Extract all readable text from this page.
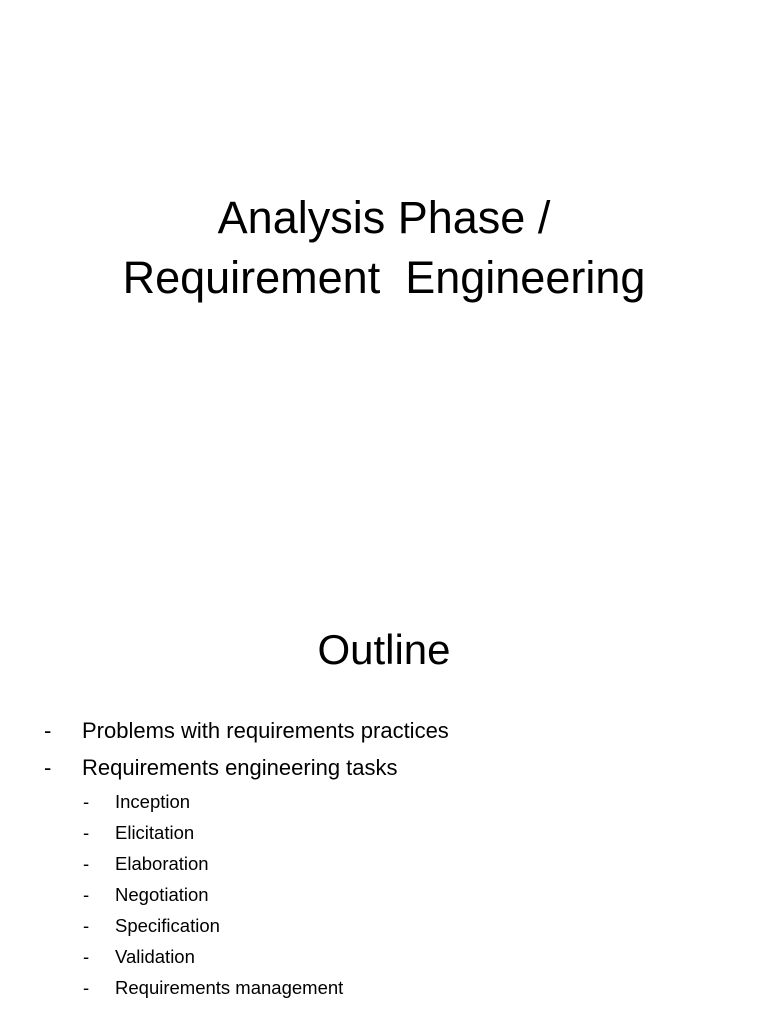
Analysis Phase /
Requirement  Engineering
Outline
- Problems with requirements practices
- Requirements engineering tasks
- Inception
- Elicitation
- Elaboration
- Negotiation
- Specification
- Validation
- Requirements management
